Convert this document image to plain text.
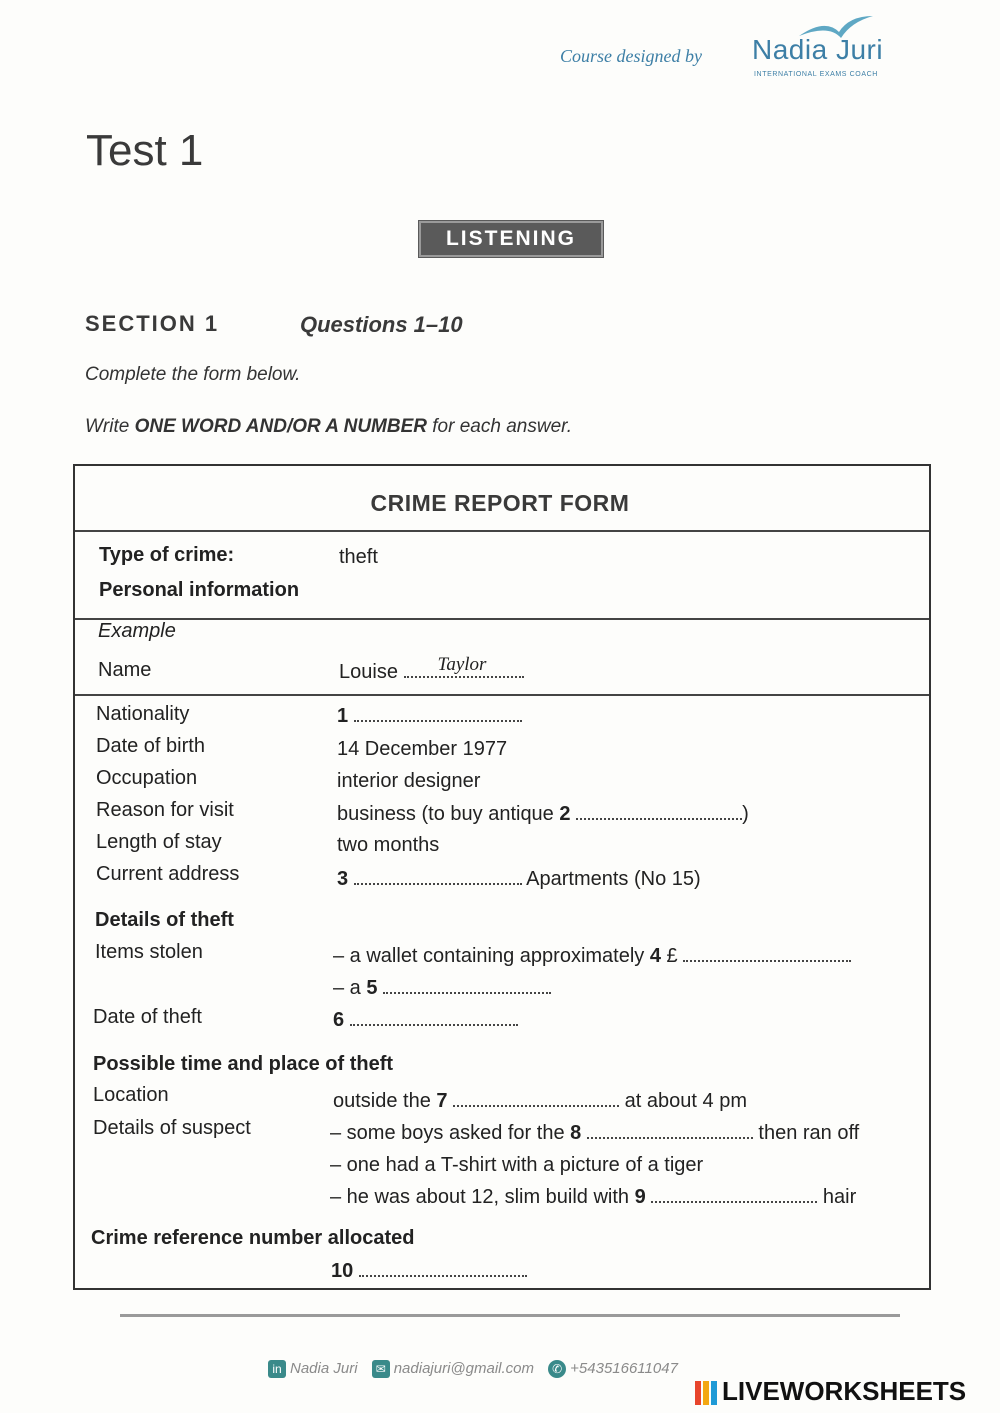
Course designed by Nadia Juri
INTERNATIONAL EXAMS COACH
Test 1
LISTENING
SECTION 1	Questions 1–10
Complete the form below.
Write ONE WORD AND/OR A NUMBER for each answer.
CRIME REPORT FORM
Type of crime:	theft
Personal information
Example
Name	Louise Taylor
Nationality	1
Date of birth	14 December 1977
Occupation	interior designer
Reason for visit	business (to buy antique 2	)
Length of stay	two months
Current address	3	Apartments (No 15)
Details of theft
Items stolen	– a wallet containing approximately 4 £
– a 5
Date of theft	6
Possible time and place of theft
Location	outside the 7	at about 4 pm
Details of suspect	– some boys asked for the 8	then ran off
– one had a T-shirt with a picture of a tiger
– he was about 12, slim build with 9	hair
Crime reference number allocated
10
in Nadia Juri ✉ nadiajuri@gmail.com ✆ +543516611047
LIVEWORKSHEETS
